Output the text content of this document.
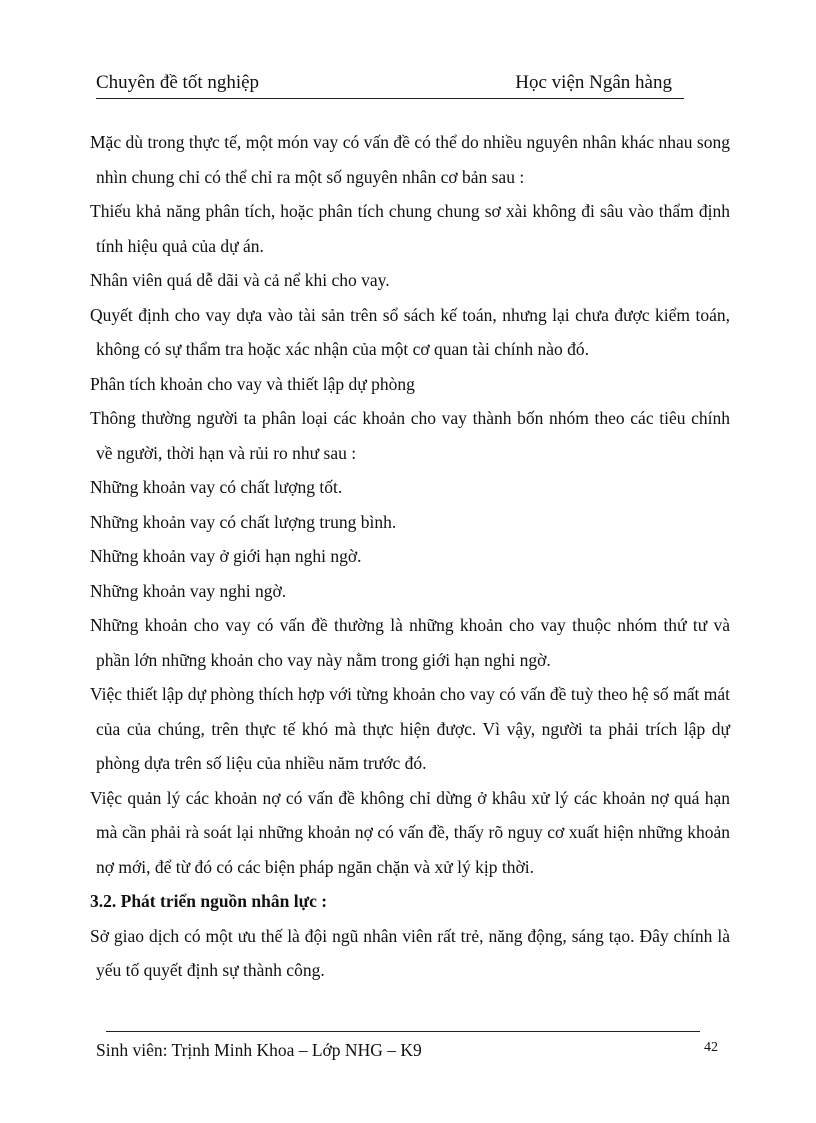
Chuyên đề tốt nghiệp	Học viện Ngân hàng

Mặc dù trong thực tế, một món vay có vấn đề có thể do nhiều nguyên nhân khác nhau song nhìn chung chỉ có thể chỉ ra một số nguyên nhân cơ bản sau :

Thiếu khả năng phân tích, hoặc phân tích chung chung sơ xài không đi sâu vào thẩm định tính hiệu quả của dự án.

Nhân viên quá dễ dãi và cả nể khi cho vay.

Quyết định cho vay dựa vào tài sản trên sổ sách kế toán, nhưng lại chưa được kiểm toán, không có sự thẩm tra hoặc xác nhận của một cơ quan tài chính nào đó.

Phân tích khoản cho vay và thiết lập dự phòng

Thông thường người ta phân loại các khoản cho vay thành bốn nhóm theo các tiêu chính về người, thời hạn và rủi ro như sau :

Những khoản vay có chất lượng tốt.

Những khoản vay có chất lượng trung bình.

Những khoản vay ở giới hạn nghi ngờ.

Những khoản vay nghi ngờ.

Những khoản cho vay có vấn đề thường là những khoản cho vay thuộc nhóm thứ tư và phần lớn những khoản cho vay này nằm trong giới hạn nghi ngờ.

Việc thiết lập dự phòng thích hợp với từng khoản cho vay có vấn đề tuỳ theo hệ số mất mát của của chúng, trên thực tế khó mà thực hiện được. Vì vậy, người ta phải trích lập dự phòng dựa trên số liệu của nhiều năm trước đó.

Việc quản lý các khoản nợ có vấn đề không chỉ dừng ở khâu xử lý các khoản nợ quá hạn mà cần phải rà soát lại những khoản nợ có vấn đề, thấy rõ nguy cơ xuất hiện những khoản nợ mới, để từ đó có các biện pháp ngăn chặn và xử lý kịp thời.

3.2. Phát triển nguồn nhân lực :

Sở giao dịch có một ưu thế là đội ngũ nhân viên rất trẻ, năng động, sáng tạo. Đây chính là yếu tố quyết định sự thành công.

Sinh viên: Trịnh Minh Khoa – Lớp NHG – K9	42
